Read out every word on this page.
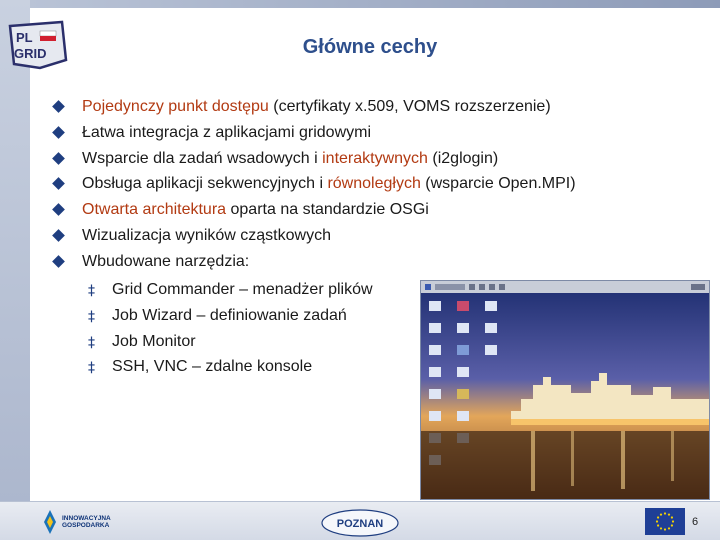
PL
GRID	Główne cechy
Pojedynczy punkt dostępu (certyfikaty x.509, VOMS rozszerzenie)
Łatwa integracja z aplikacjami gridowymi
Wsparcie dla zadań wsadowych i interaktywnych (i2glogin)
Obsługa aplikacji sekwencyjnych i równoległych (wsparcie Open.MPI)
Otwarta architektura oparta na standardzie OSGi
Wizualizacja wyników cząstkowych
Wbudowane narzędzia:
‡ Grid Commander – menadżer plików
‡ Job Wizard – definiowanie zadań
‡ Job Monitor
‡ SSH, VNC – zdalne konsole
INNOWACYJNA
GOSPODARKA	POZNAN	6
